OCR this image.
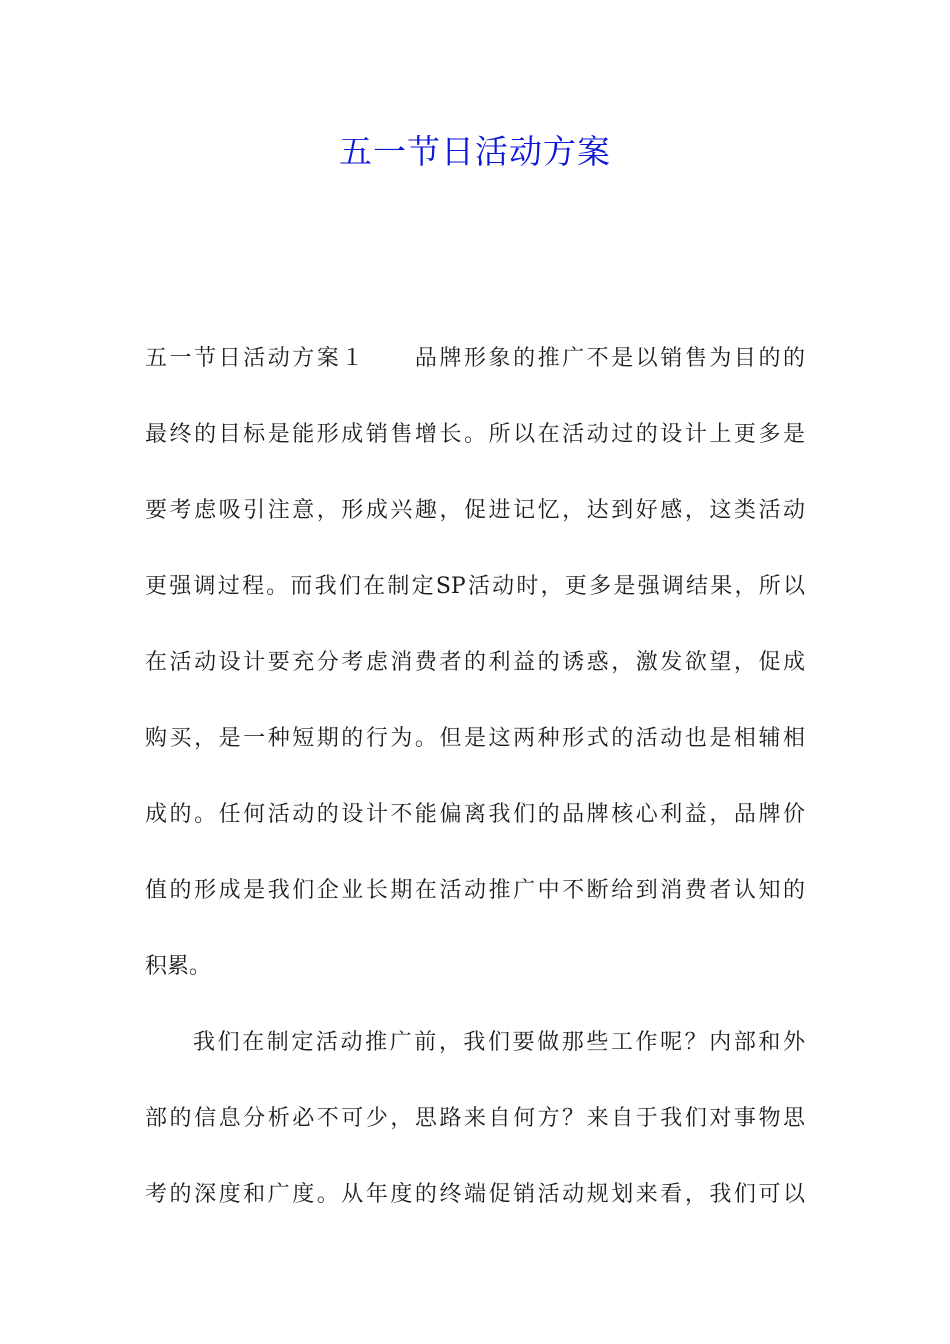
五一节日活动方案
五一节日活动方案１　　品牌形象的推广不是以销售为目的的
最终的目标是能形成销售增长。所以在活动过的设计上更多是
要考虑吸引注意，形成兴趣，促进记忆，达到好感，这类活动
更强调过程。而我们在制定SP活动时，更多是强调结果，所以
在活动设计要充分考虑消费者的利益的诱惑，激发欲望，促成
购买，是一种短期的行为。但是这两种形式的活动也是相辅相
成的。任何活动的设计不能偏离我们的品牌核心利益，品牌价
值的形成是我们企业长期在活动推广中不断给到消费者认知的
积累。
我们在制定活动推广前，我们要做那些工作呢？内部和外
部的信息分析必不可少，思路来自何方？来自于我们对事物思
考的深度和广度。从年度的终端促销活动规划来看，我们可以
